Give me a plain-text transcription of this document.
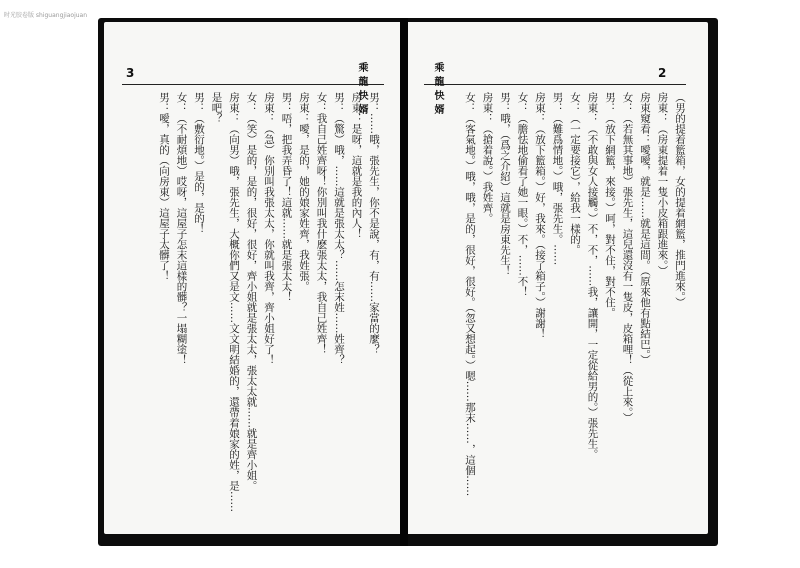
时光胶卷版 shiguangjiaojuan
3	乘龍快婿

男：……哦，張先生，你不是說，有，有……家當的麼？

房東：是呀，這就是我的內人！

男：（驚）哦，……這就是張太太？……怎末姓……姓齊？

女：我自己姓齊呀！你別叫我什麽張太太，我自己姓齊！

房東：噯，是的，她的娘家姓齊，我姓張。

男：唔，把我弄昏了！這就……就是張太太！

房東：（急）你別叫我張太太，你就叫我齊，齊小姐好了！

女：（笑）是的，是的，很好，很好，齊小姐就是張太太，張太太就……就是齊小姐。

房東：（向男）哦，張先生，大概你們又是文……文文明結婚的，還帶着娘家的姓，是……是吧？

男：（敷衍地。）是的，是的！

女：（不耐煩地）哎呀，這屋子怎末這樣的髒？一塌糊塗！

男：噯，真的（向房東）這屋子太髒了！

2
乘龍快婿

（男的提着籃箱，女的提着網籃，推門進來。）

房東：（房東提着一隻小皮箱跟進來。）

房東窺看：噯噯，就是……就是這間。（原來他有點結巴。）

女：（若無其事地）張先生，這兒還沒有一隻皮，皮箱哩！（從上來。）

男：（放下網籃，來接。）呵，對不住，對不住。

房東：（不敢與女人接觸。）不，不，……我，讓開，一定從給男的。）張先生。

女：（一定要接它），給我一樣的。

男：（難爲情地。）哦，張先生。……

房東：（放下籃箱。）好，我來。（接了箱子。）謝謝！

女：（膽怯地偷看了她一眼。）不，……不！

男：哦，（爲之介紹）這就是房東先生！

房東：（搶着說。）我姓齊。

女：（客氣地。）哦，哦，是的，很好，很好。（忽又想起。）嗯……那末……，這個……
